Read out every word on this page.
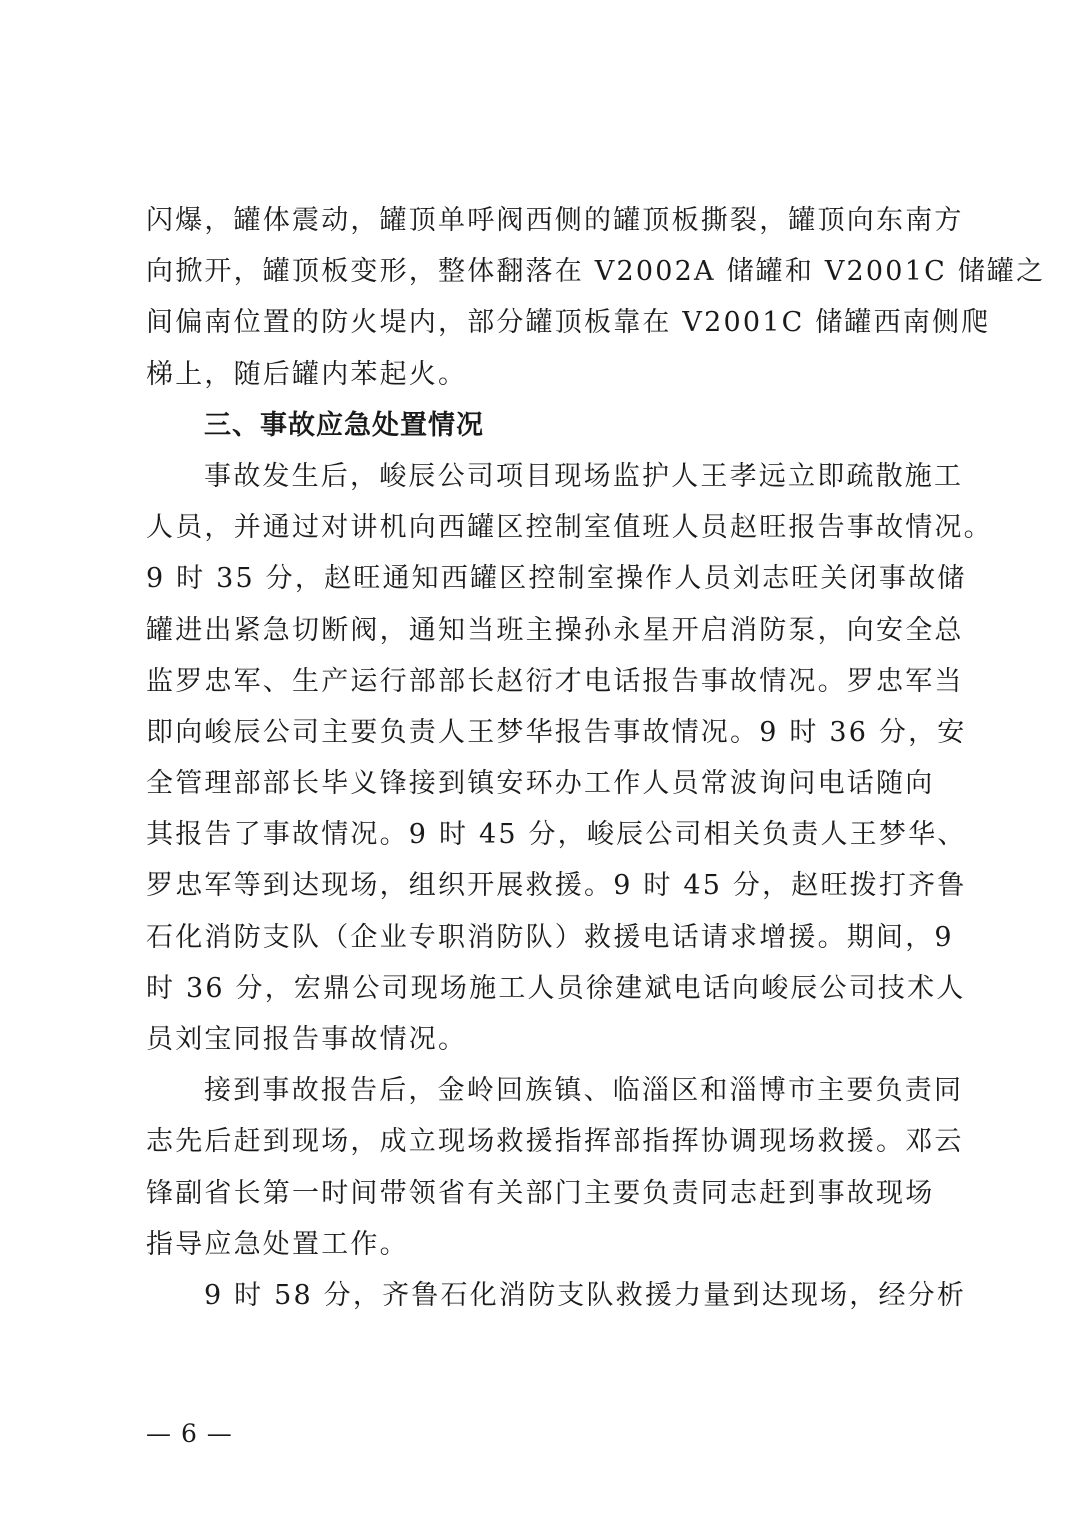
闪爆，罐体震动，罐顶单呼阀西侧的罐顶板撕裂，罐顶向东南方
向掀开，罐顶板变形，整体翻落在 V2002A 储罐和 V2001C 储罐之
间偏南位置的防火堤内，部分罐顶板靠在 V2001C 储罐西南侧爬
梯上，随后罐内苯起火。
三、事故应急处置情况
事故发生后，峻辰公司项目现场监护人王孝远立即疏散施工
人员，并通过对讲机向西罐区控制室值班人员赵旺报告事故情况。
9 时 35 分，赵旺通知西罐区控制室操作人员刘志旺关闭事故储
罐进出紧急切断阀，通知当班主操孙永星开启消防泵，向安全总
监罗忠军、生产运行部部长赵衍才电话报告事故情况。罗忠军当
即向峻辰公司主要负责人王梦华报告事故情况。9 时 36 分，安
全管理部部长毕义锋接到镇安环办工作人员常波询问电话随向
其报告了事故情况。9 时 45 分，峻辰公司相关负责人王梦华、
罗忠军等到达现场，组织开展救援。9 时 45 分，赵旺拨打齐鲁
石化消防支队（企业专职消防队）救援电话请求增援。期间，9
时 36 分，宏鼎公司现场施工人员徐建斌电话向峻辰公司技术人
员刘宝同报告事故情况。
接到事故报告后，金岭回族镇、临淄区和淄博市主要负责同
志先后赶到现场，成立现场救援指挥部指挥协调现场救援。邓云
锋副省长第一时间带领省有关部门主要负责同志赶到事故现场
指导应急处置工作。
9 时 58 分，齐鲁石化消防支队救援力量到达现场，经分析
— 6 —
